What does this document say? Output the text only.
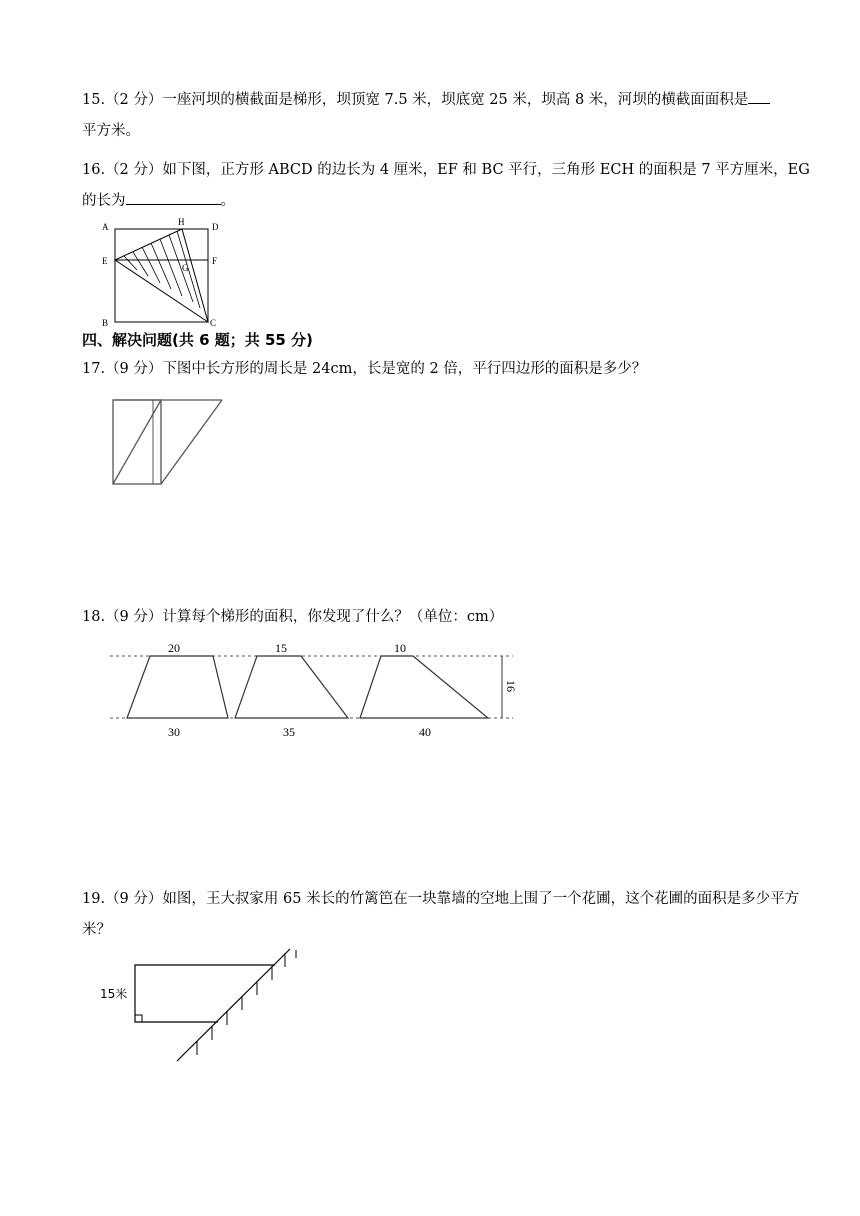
15.（2 分）一座河坝的横截面是梯形，坝顶宽 7.5 米，坝底宽 25 米，坝高 8 米，河坝的横截面面积是
平方米。
16.（2 分）如下图，正方形 ABCD 的边长为 4 厘米，EF 和 BC 平行，三角形 ECH 的面积是 7 平方厘米，EG 的长为	。
A	H	D
E	F
G
B	C
四、解决问题(共 6 题；共 55 分)
17.（9 分）下图中长方形的周长是 24cm，长是宽的 2 倍，平行四边形的面积是多少？
18.（9 分）计算每个梯形的面积，你发现了什么？（单位：cm）
20	15	10
30	35	40
16
19.（9 分）如图，王大叔家用 65 米长的竹篱笆在一块靠墙的空地上围了一个花圃，这个花圃的面积是多少平方米？
15米
